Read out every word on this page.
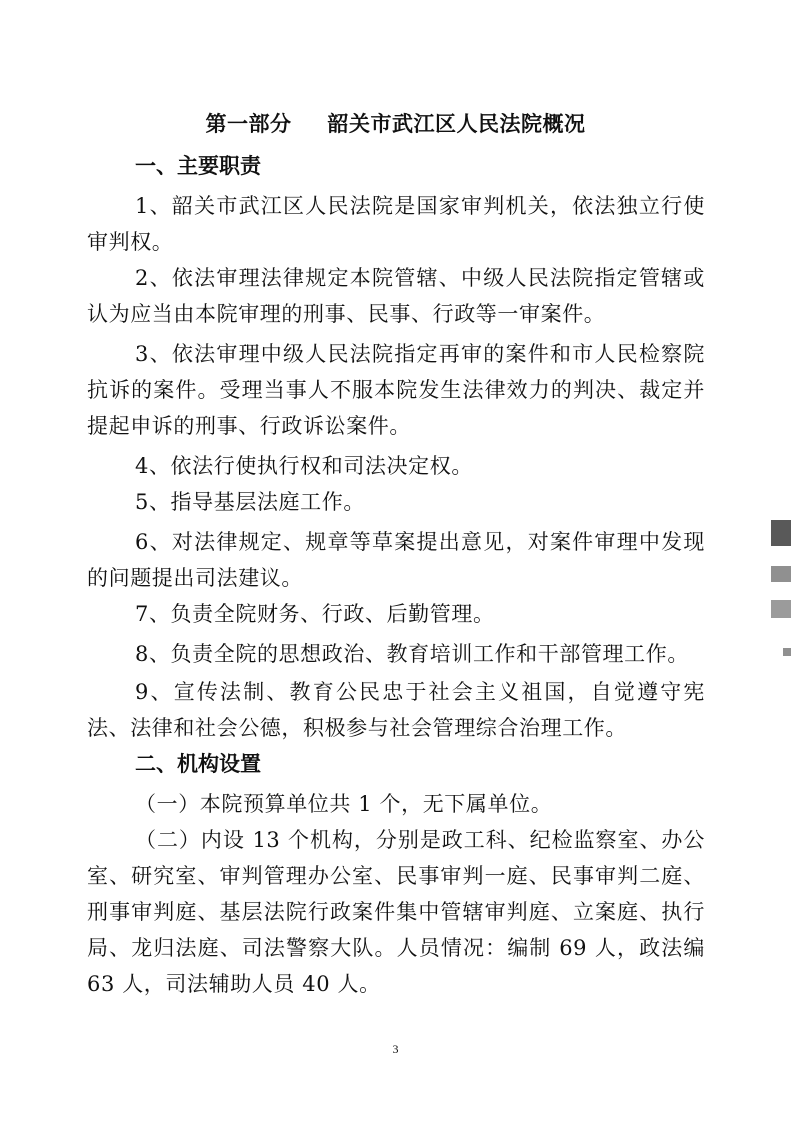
第一部分 韶关市武江区人民法院概况
一、主要职责
1、韶关市武江区人民法院是国家审判机关，依法独立行使审判权。
2、依法审理法律规定本院管辖、中级人民法院指定管辖或认为应当由本院审理的刑事、民事、行政等一审案件。
3、依法审理中级人民法院指定再审的案件和市人民检察院抗诉的案件。受理当事人不服本院发生法律效力的判决、裁定并提起申诉的刑事、行政诉讼案件。
4、依法行使执行权和司法决定权。
5、指导基层法庭工作。
6、对法律规定、规章等草案提出意见，对案件审理中发现的问题提出司法建议。
7、负责全院财务、行政、后勤管理。
8、负责全院的思想政治、教育培训工作和干部管理工作。
9、宣传法制、教育公民忠于社会主义祖国，自觉遵守宪法、法律和社会公德，积极参与社会管理综合治理工作。
二、机构设置
（一）本院预算单位共 1 个，无下属单位。
（二）内设 13 个机构，分别是政工科、纪检监察室、办公室、研究室、审判管理办公室、民事审判一庭、民事审判二庭、刑事审判庭、基层法院行政案件集中管辖审判庭、立案庭、执行局、龙归法庭、司法警察大队。人员情况：编制 69 人，政法编 63 人，司法辅助人员 40 人。
3
